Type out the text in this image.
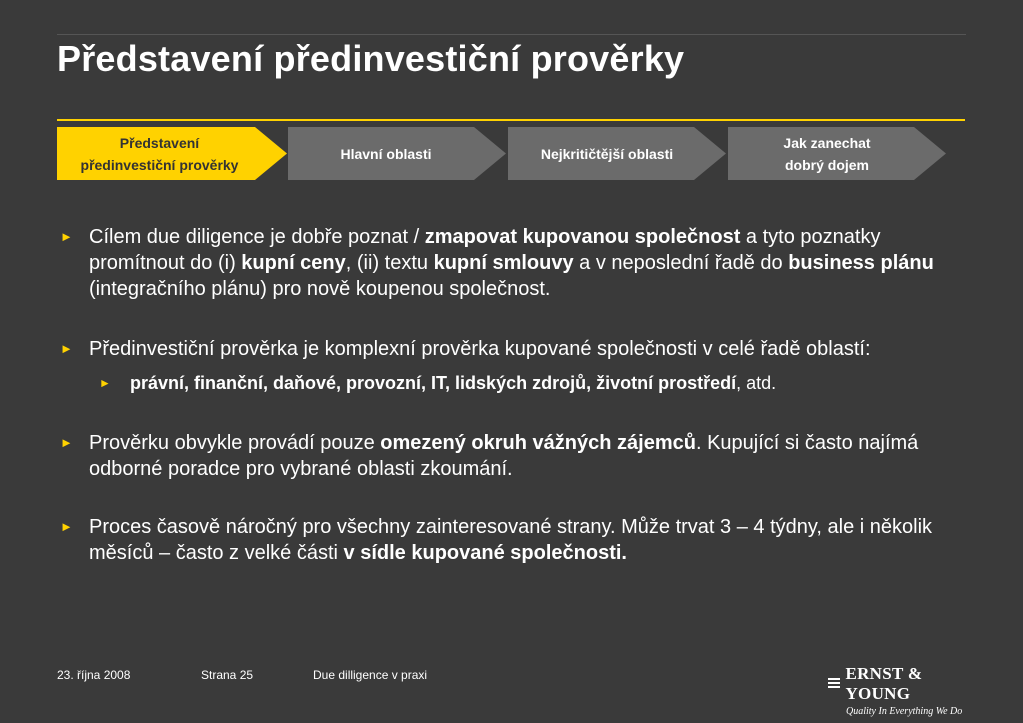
Představení předinvestiční prověrky
Představení
předinvestiční prověrky
Hlavní oblasti	Nejkritičtější oblasti
Jak zanechat
dobrý dojem
► Cílem due diligence je dobře poznat / zmapovat kupovanou společnost a tyto poznatky promítnout do (i) kupní ceny, (ii) textu kupní smlouvy a v neposlední řadě do business plánu (integračního plánu) pro nově koupenou společnost.
► Předinvestiční prověrka je komplexní prověrka kupované společnosti v celé řadě oblastí:
► právní, finanční, daňové, provozní, IT, lidských zdrojů, životní prostředí, atd.
► Prověrku obvykle provádí pouze omezený okruh vážných zájemců. Kupující si často najímá odborné poradce pro vybrané oblasti zkoumání.
► Proces časově náročný pro všechny zainteresované strany. Může trvat 3 – 4 týdny, ale i několik měsíců – často z velké části v sídle kupované společnosti.
23. října 2008	Strana 25	Due dilligence v praxi	ERNST & YOUNG
Quality In Everything We Do
